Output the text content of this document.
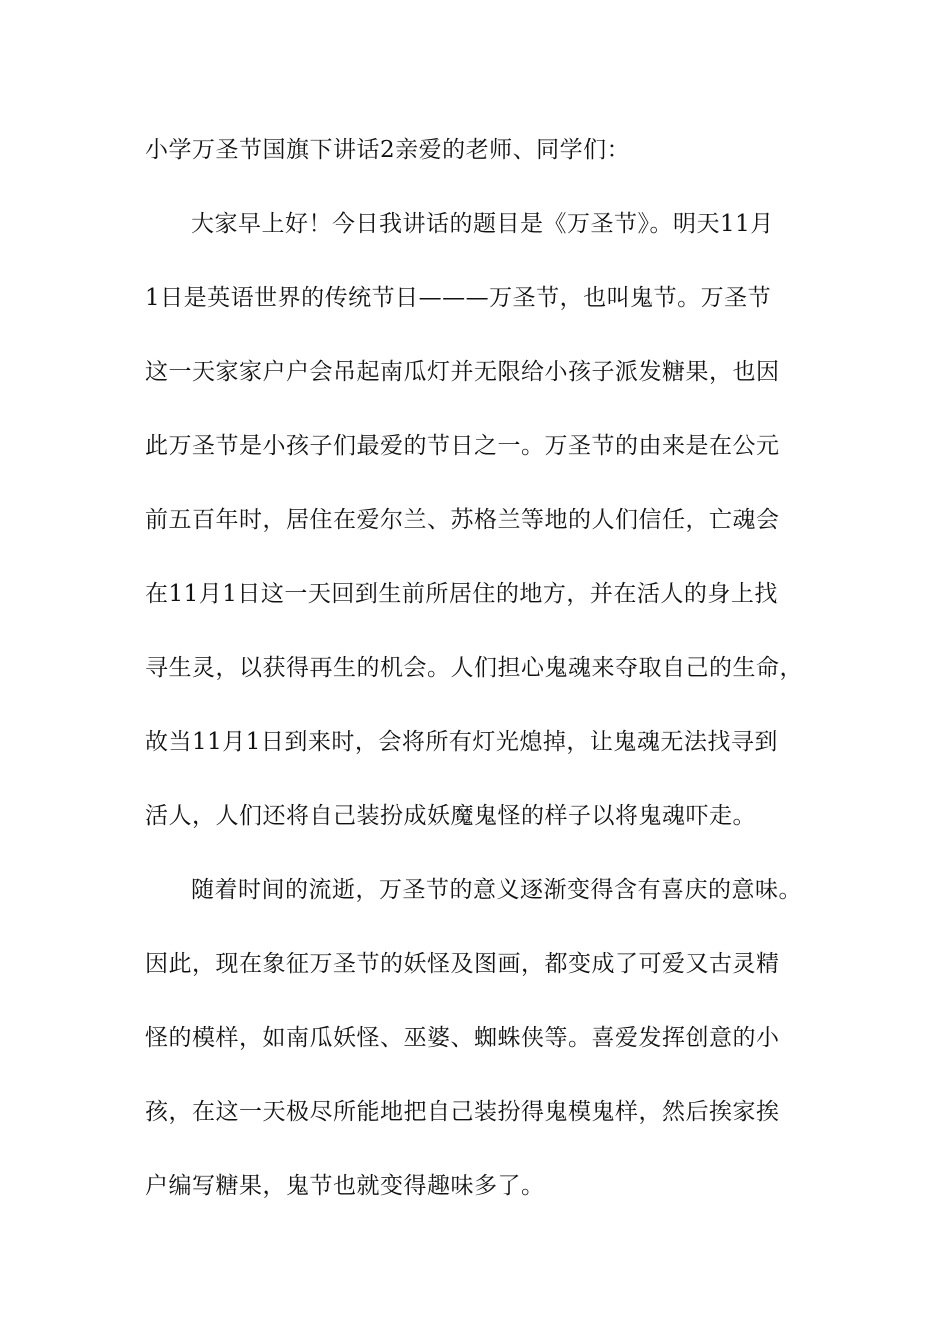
小学万圣节国旗下讲话2亲爱的老师、同学们：
大家早上好！今日我讲话的题目是《万圣节》。明天11月
1日是英语世界的传统节日———万圣节，也叫鬼节。万圣节
这一天家家户户会吊起南瓜灯并无限给小孩子派发糖果，也因
此万圣节是小孩子们最爱的节日之一。万圣节的由来是在公元
前五百年时，居住在爱尔兰、苏格兰等地的人们信任，亡魂会
在11月1日这一天回到生前所居住的地方，并在活人的身上找
寻生灵，以获得再生的机会。人们担心鬼魂来夺取自己的生命，
故当11月1日到来时，会将所有灯光熄掉，让鬼魂无法找寻到
活人，人们还将自己装扮成妖魔鬼怪的样子以将鬼魂吓走。
随着时间的流逝，万圣节的意义逐渐变得含有喜庆的意味。
因此，现在象征万圣节的妖怪及图画，都变成了可爱又古灵精
怪的模样，如南瓜妖怪、巫婆、蜘蛛侠等。喜爱发挥创意的小
孩，在这一天极尽所能地把自己装扮得鬼模鬼样，然后挨家挨
户编写糖果，鬼节也就变得趣味多了。
